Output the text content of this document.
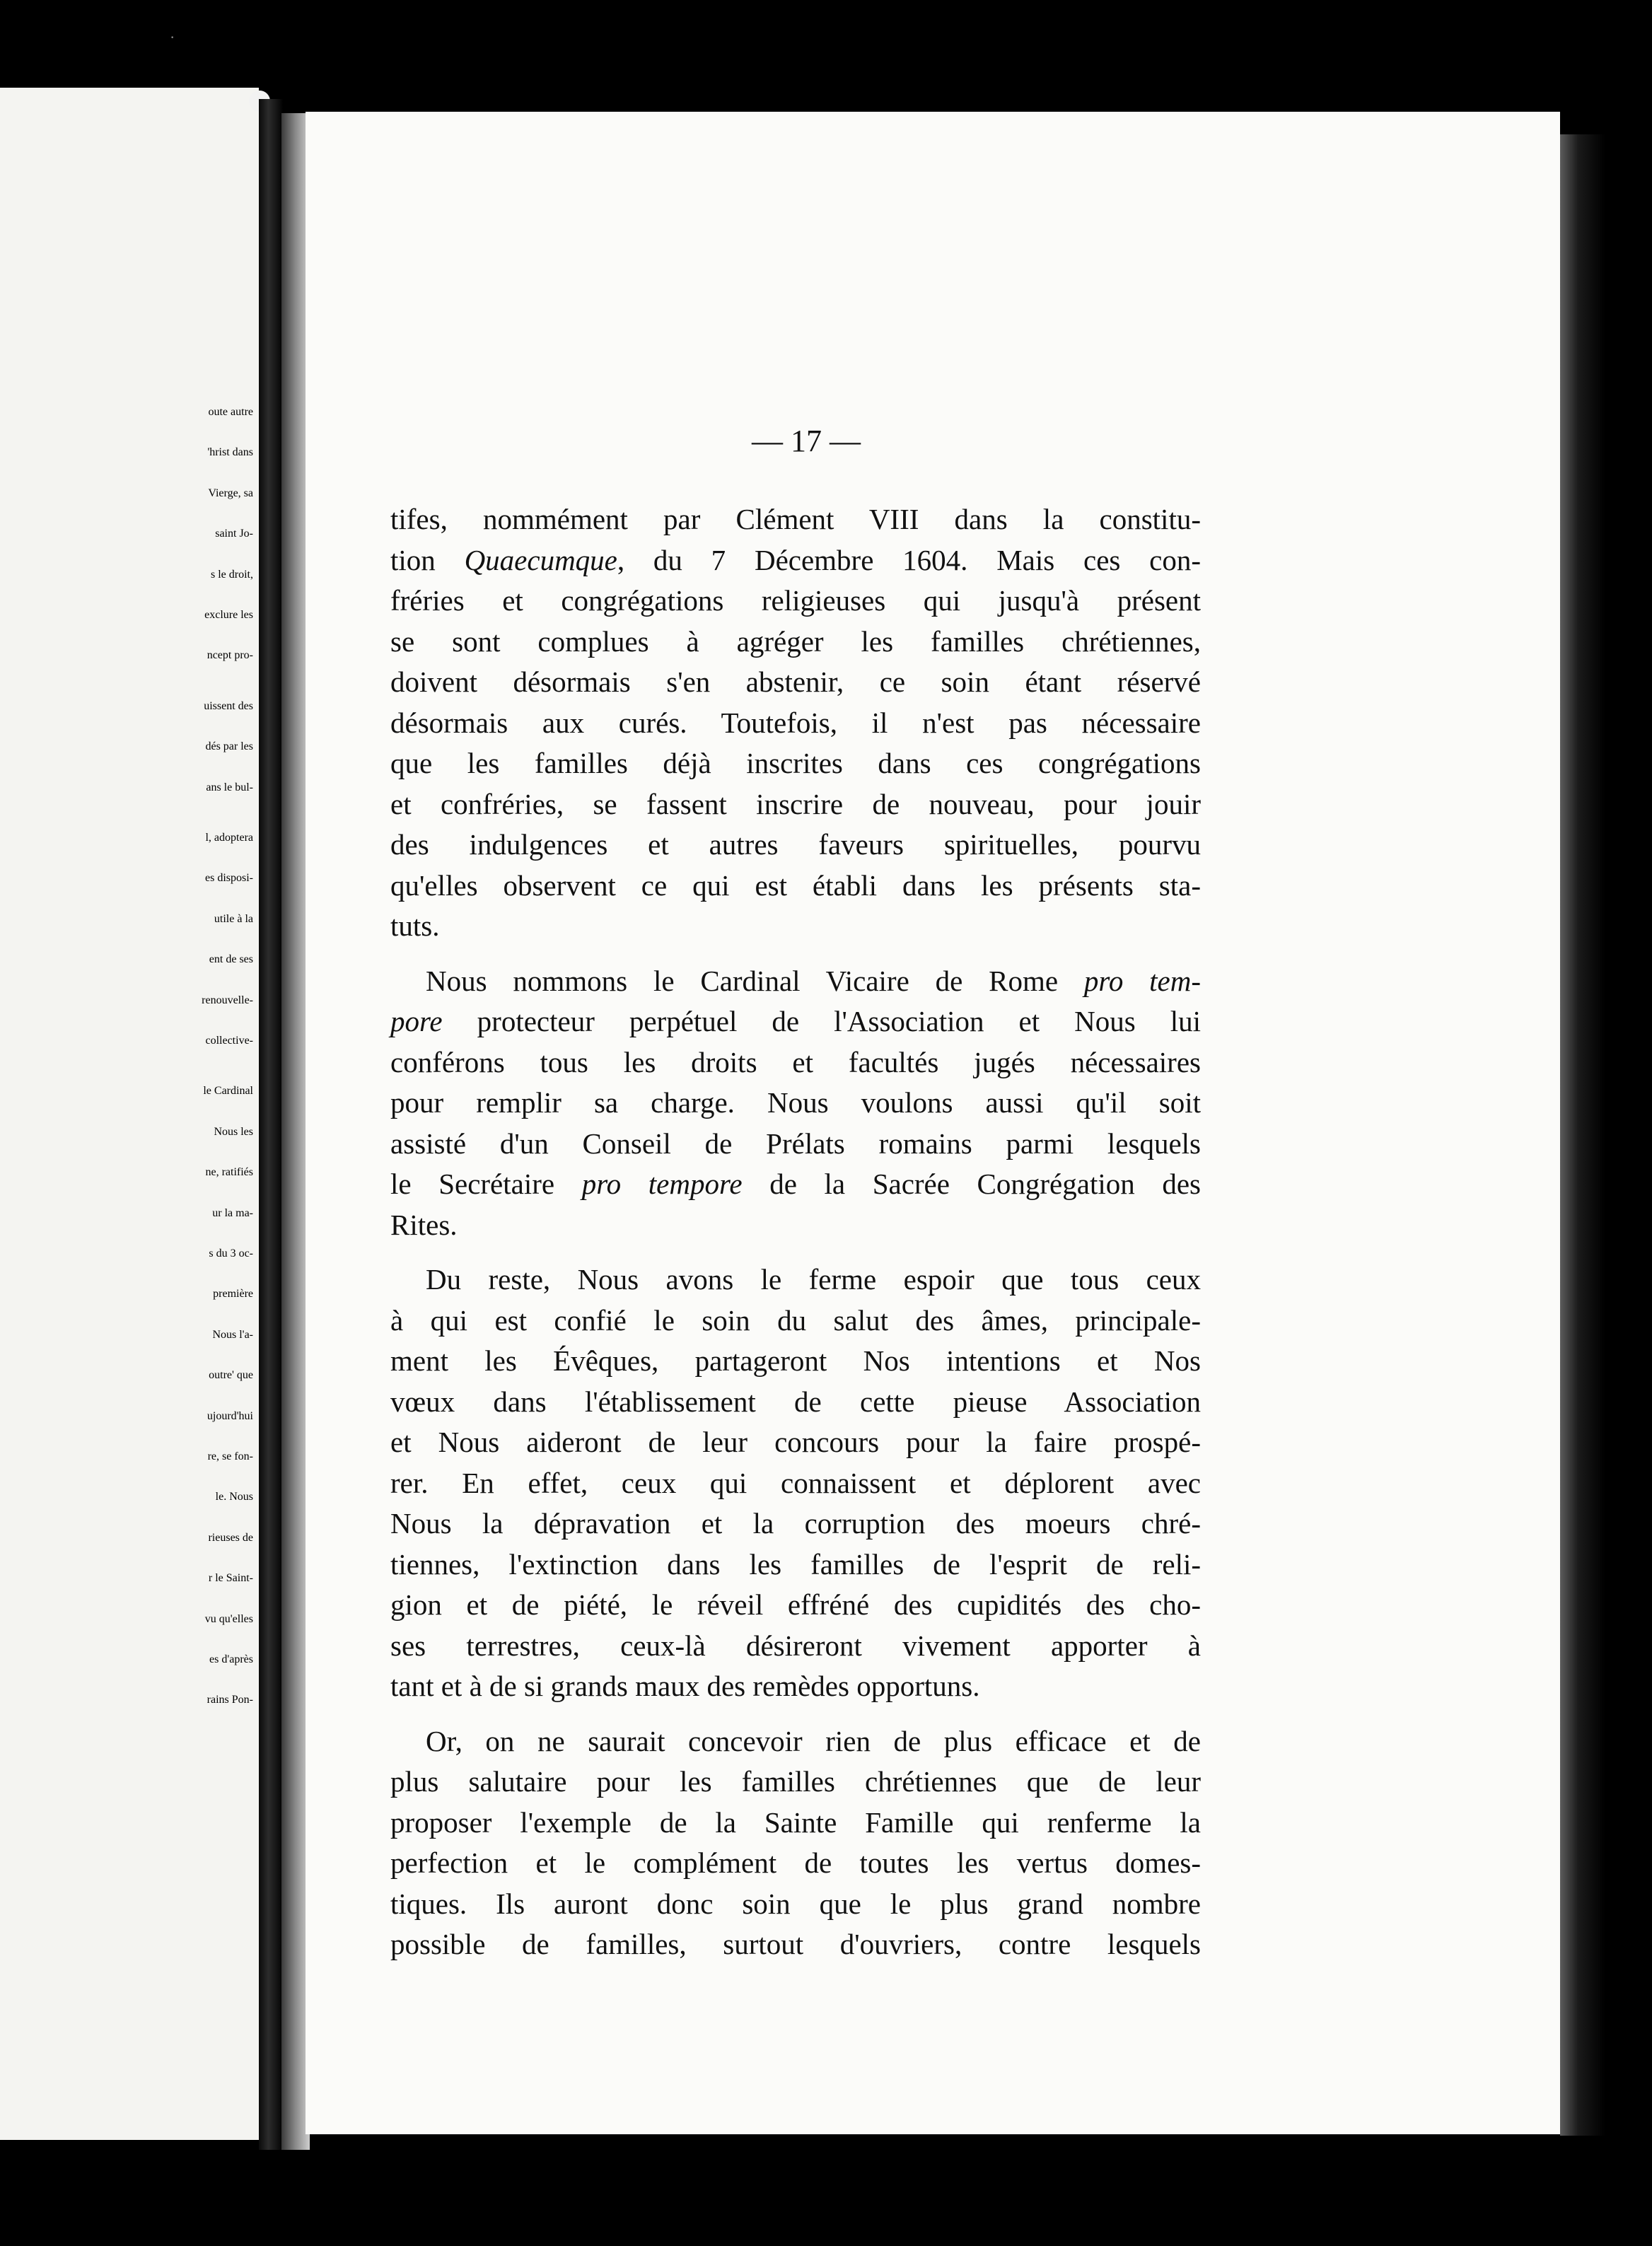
·
oute autre
'hrist dans
Vierge, sa
saint Jo-
s le droit,
exclure les
ncept pro-
uissent des
dés par les
ans le bul-
l, adoptera
es disposi-
utile à la
ent de ses
renouvelle-
collective-
le Cardinal
Nous les
ne, ratifiés
ur la ma-
s du 3 oc-
première
Nous l'a-
outre' que
ujourd'hui
re, se fon-
le. Nous
rieuses de
r le Saint-
vu qu'elles
es d'après
rains Pon-
— 17 —
tifes, nommément par Clément VIII dans la constitu-
tion Quaecumque, du 7 Décembre 1604. Mais ces con-
fréries et congrégations religieuses qui jusqu'à présent
se sont complues à agréger les familles chrétiennes,
doivent désormais s'en abstenir, ce soin étant réservé
désormais aux curés. Toutefois, il n'est pas nécessaire
que les familles déjà inscrites dans ces congrégations
et confréries, se fassent inscrire de nouveau, pour jouir
des indulgences et autres faveurs spirituelles, pourvu
qu'elles observent ce qui est établi dans les présents sta-
tuts.
Nous nommons le Cardinal Vicaire de Rome pro tem-
pore protecteur perpétuel de l'Association et Nous lui
conférons tous les droits et facultés jugés nécessaires
pour remplir sa charge. Nous voulons aussi qu'il soit
assisté d'un Conseil de Prélats romains parmi lesquels
le Secrétaire pro tempore de la Sacrée Congrégation des
Rites.
Du reste, Nous avons le ferme espoir que tous ceux
à qui est confié le soin du salut des âmes, principale-
ment les Évêques, partageront Nos intentions et Nos
vœux dans l'établissement de cette pieuse Association
et Nous aideront de leur concours pour la faire prospé-
rer. En effet, ceux qui connaissent et déplorent avec
Nous la dépravation et la corruption des moeurs chré-
tiennes, l'extinction dans les familles de l'esprit de reli-
gion et de piété, le réveil effréné des cupidités des cho-
ses terrestres, ceux-là désireront vivement apporter à
tant et à de si grands maux des remèdes opportuns.
Or, on ne saurait concevoir rien de plus efficace et de
plus salutaire pour les familles chrétiennes que de leur
proposer l'exemple de la Sainte Famille qui renferme la
perfection et le complément de toutes les vertus domes-
tiques. Ils auront donc soin que le plus grand nombre
possible de familles, surtout d'ouvriers, contre lesquels
